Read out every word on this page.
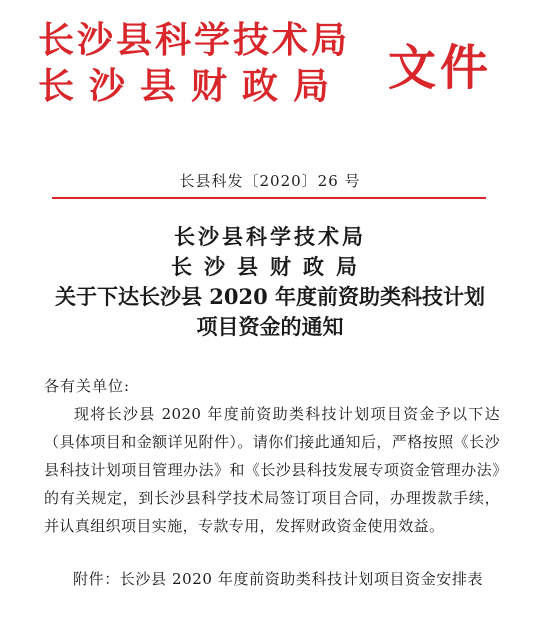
长沙县科学技术局
长沙县财政局 文件
长县科发〔2020〕26 号
长沙县科学技术局
长沙县财政局
关于下达长沙县 2020 年度前资助类科技计划
项目资金的通知
各有关单位:

现将长沙县 2020 年度前资助类科技计划项目资金予以下达（具体项目和金额详见附件）。请你们接此通知后，严格按照《长沙县科技计划项目管理办法》和《长沙县科技发展专项资金管理办法》的有关规定，到长沙县科学技术局签订项目合同，办理拨款手续，并认真组织项目实施，专款专用，发挥财政资金使用效益。

附件：长沙县 2020 年度前资助类科技计划项目资金安排表
